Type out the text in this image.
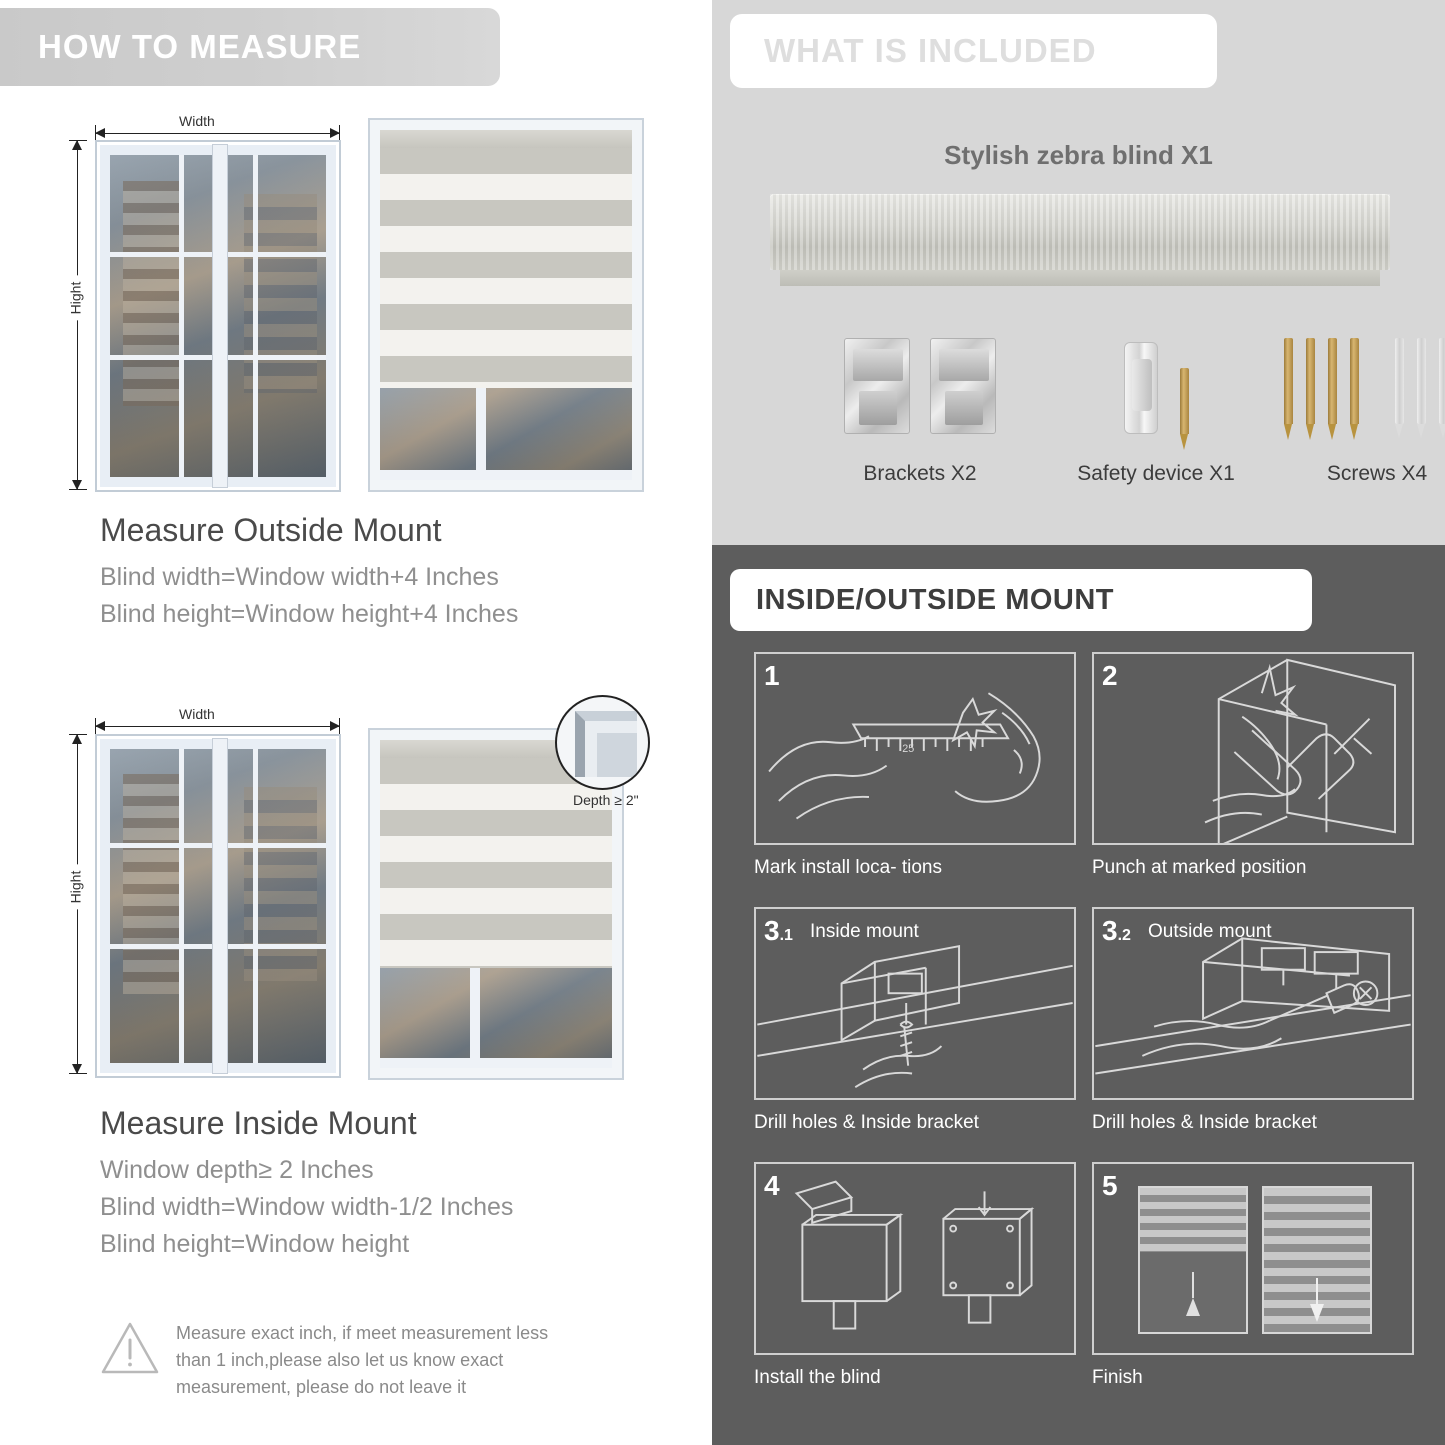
HOW TO MEASURE
Width
Hight
Measure Outside Mount
Blind width=Window width+4 Inches
Blind height=Window height+4 Inches
Width
Hight
Depth ≥ 2"
Measure Inside Mount
Window depth≥ 2 Inches
Blind width=Window width-1/2 Inches
Blind height=Window height
Measure exact inch, if meet measurement less
than 1 inch,please also let us know exact
measurement, please do not leave it
WHAT IS INCLUDED
Stylish zebra blind X1
Brackets X2	Safety device X1	Screws X4
INSIDE/OUTSIDE MOUNT
1
25
Mark install loca- tions
2
Punch at marked position
3.1 Inside mount
Drill holes & Inside bracket
3.2 Outside mount
Drill holes & Inside bracket
4
Install the blind
5
Finish
